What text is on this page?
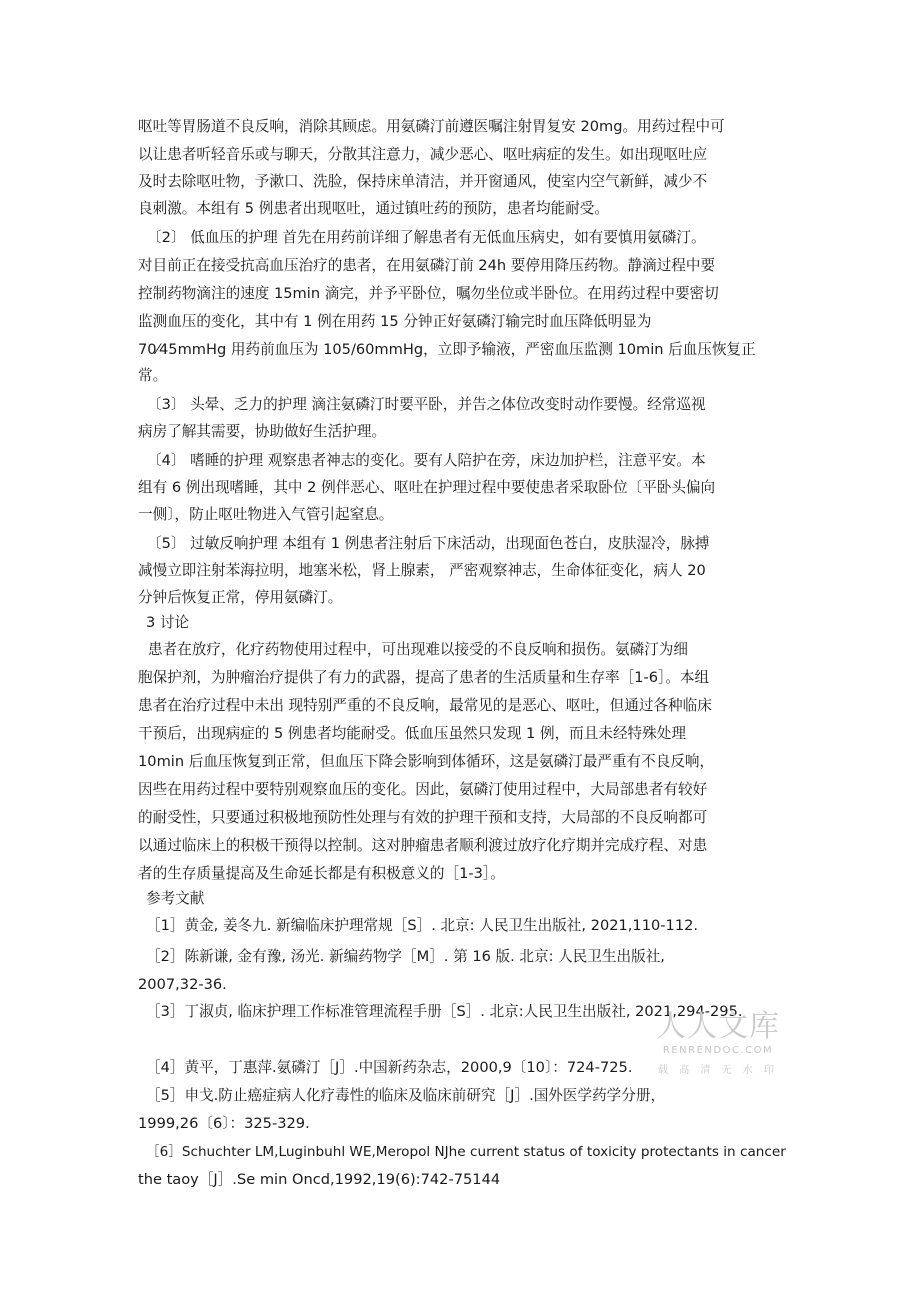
呕吐等胃肠道不良反响，消除其顾虑。用氨磷汀前遵医嘱注射胃复安 20mg。用药过程中可
以让患者听轻音乐或与聊天，分散其注意力，减少恶心、呕吐病症的发生。如出现呕吐应
及时去除呕吐物，予漱口、洗脸，保持床单清洁，并开窗通风，使室内空气新鲜，减少不
良刺激。本组有 5 例患者出现呕吐，通过镇吐药的预防，患者均能耐受。
〔2〕 低血压的护理 首先在用药前详细了解患者有无低血压病史，如有要慎用氨磷汀。
对目前正在接受抗高血压治疗的患者，在用氨磷汀前 24h 要停用降压药物。静滴过程中要
控制药物滴注的速度 15min 滴完，并予平卧位，嘱勿坐位或半卧位。在用药过程中要密切
监测血压的变化，其中有 1 例在用药 15 分钟正好氨磷汀输完时血压降低明显为
70⁄45mmHg 用药前血压为 105/60mmHg，立即予输液，严密血压监测 10min 后血压恢复正
常。
〔3〕 头晕、乏力的护理 滴注氨磷汀时要平卧，并告之体位改变时动作要慢。经常巡视
病房了解其需要，协助做好生活护理。
〔4〕 嗜睡的护理 观察患者神志的变化。要有人陪护在旁，床边加护栏，注意平安。本
组有 6 例出现嗜睡，其中 2 例伴恶心、呕吐在护理过程中要使患者采取卧位〔平卧头偏向
一侧〕，防止呕吐物进入气管引起窒息。
〔5〕 过敏反响护理 本组有 1 例患者注射后下床活动，出现面色苍白，皮肤湿冷，脉搏
减慢立即注射苯海拉明，地塞米松，肾上腺素， 严密观察神志，生命体征变化，病人 20
分钟后恢复正常，停用氨磷汀。
3 讨论
患者在放疗，化疗药物使用过程中，可出现难以接受的不良反响和损伤。氨磷汀为细
胞保护剂，为肿瘤治疗提供了有力的武器，提高了患者的生活质量和生存率［1-6］。本组
患者在治疗过程中未出 现特别严重的不良反响，最常见的是恶心、呕吐，但通过各种临床
干预后，出现病症的 5 例患者均能耐受。低血压虽然只发现 1 例，而且未经特殊处理
10min 后血压恢复到正常，但血压下降会影响到体循环，这是氨磷汀最严重有不良反响，
因些在用药过程中要特别观察血压的变化。因此，氨磷汀使用过程中，大局部患者有较好
的耐受性，只要通过积极地预防性处理与有效的护理干预和支持，大局部的不良反响都可
以通过临床上的积极干预得以控制。这对肿瘤患者顺利渡过放疗化疗期并完成疗程、对患
者的生存质量提高及生命延长都是有积极意义的［1-3］。
参考文献
［1］黄金, 姜冬九. 新编临床护理常规［S］. 北京: 人民卫生出版社, 2021,110-112.
［2］陈新谦, 金有豫, 汤光. 新编药物学［M］. 第 16 版. 北京: 人民卫生出版社,
2007,32-36.
［3］丁淑贞, 临床护理工作标准管理流程手册［S］. 北京:人民卫生出版社, 2021,294-295.
［4］黄平，丁惠萍.氨磷汀［J］.中国新药杂志，2000,9〔10〕：724-725.
［5］申戈.防止癌症病人化疗毒性的临床及临床前研究［J］.国外医学药学分册，
1999,26〔6〕：325-329.
［6］Schuchter LM,Luginbuhl WE,Meropol NJhe current status of toxicity protectants in cancer
the taoy［J］.Se min Oncd,1992,19(6):742-75144
人人文库
RENRENDOC.COM
载 高 清 无 水 印
